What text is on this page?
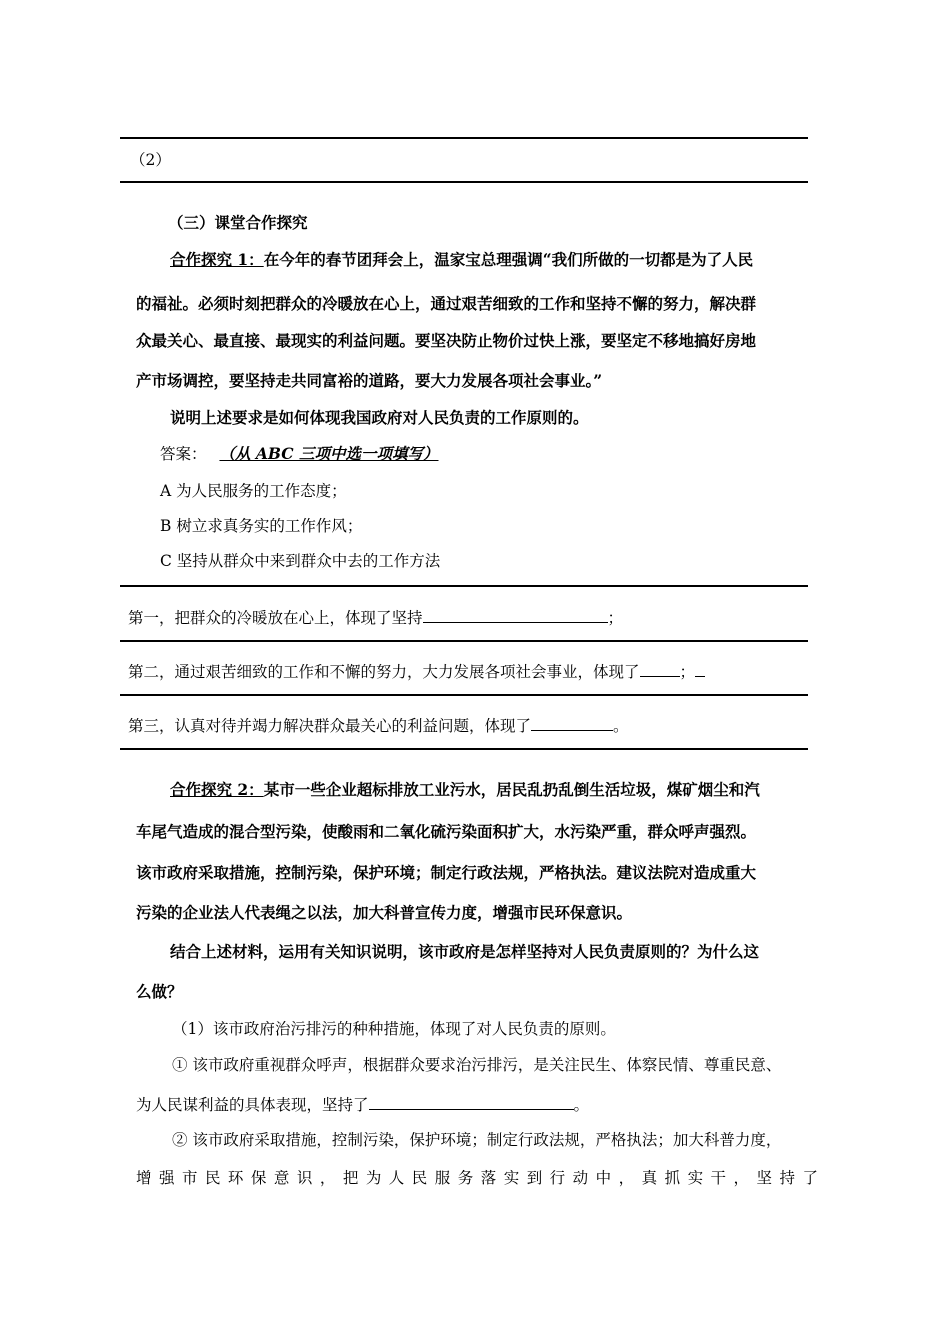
（2）
（三）课堂合作探究
合作探究 1：在今年的春节团拜会上，温家宝总理强调“我们所做的一切都是为了人民
的福祉。必须时刻把群众的冷暖放在心上，通过艰苦细致的工作和坚持不懈的努力，解决群
众最关心、最直接、最现实的利益问题。要坚决防止物价过快上涨，要坚定不移地搞好房地
产市场调控，要坚持走共同富裕的道路，要大力发展各项社会事业。”
说明上述要求是如何体现我国政府对人民负责的工作原则的。
答案： （从 ABC 三项中选一项填写）
A 为人民服务的工作态度；
B 树立求真务实的工作作风；
C 坚持从群众中来到群众中去的工作方法
第一，把群众的冷暖放在心上，体现了坚持	；
第二，通过艰苦细致的工作和不懈的努力，大力发展各项社会事业，体现了	；
第三，认真对待并竭力解决群众最关心的利益问题，体现了	。
合作探究 2：某市一些企业超标排放工业污水，居民乱扔乱倒生活垃圾，煤矿烟尘和汽
车尾气造成的混合型污染，使酸雨和二氧化硫污染面积扩大，水污染严重，群众呼声强烈。
该市政府采取措施，控制污染，保护环境；制定行政法规，严格执法。建议法院对造成重大
污染的企业法人代表绳之以法，加大科普宣传力度，增强市民环保意识。
结合上述材料，运用有关知识说明，该市政府是怎样坚持对人民负责原则的？为什么这
么做？
（1）该市政府治污排污的种种措施，体现了对人民负责的原则。
① 该市政府重视群众呼声，根据群众要求治污排污，是关注民生、体察民情、尊重民意、
为人民谋利益的具体表现，坚持了	。
② 该市政府采取措施，控制污染，保护环境；制定行政法规，严格执法；加大科普力度，
增强市民环保意识，把为人民服务落实到行动中，真抓实干，坚持了
